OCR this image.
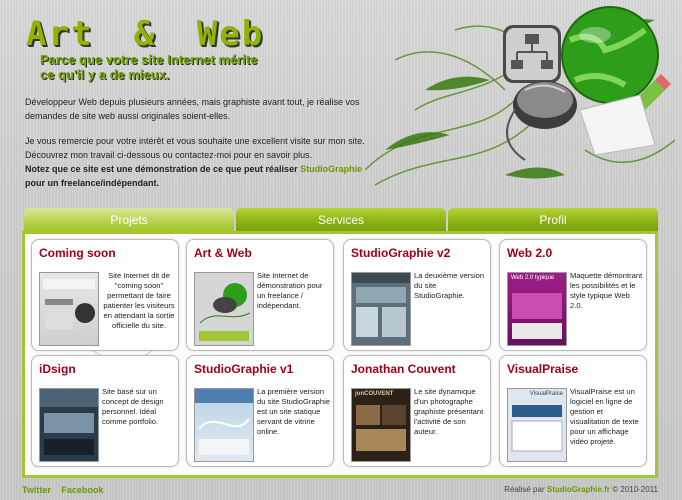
Art & Web
Parce que votre site Internet mérite ce qu'il y a de mieux.

Développeur Web depuis plusieurs années, mais graphiste avant tout, je réalise vos demandes de site web aussi originales soient-elles.

Je vous remercie pour votre intérêt et vous souhaite une excellent visite sur mon site. Découvrez mon travail ci-dessous ou contactez-moi pour en savoir plus.
Notez que ce site est une démonstration de ce que peut réaliser StudioGraphie pour un freelance/indépendant.

Projets	Services	Profil
Coming soon
Site Internet dit de "coming soon" permettant de faire patienter les visiteurs en attendant la sortie officielle du site.
Art & Web
Site Internet de démonstration pour un freelance / indépendant.
StudioGraphie v2
La deuxième version du site StudioGraphie.
Web 2.0
Web 2.0 typique	Maquette démontrant les possibilités et le style typique Web 2.0.
iDsign
Site basé sur un concept de design personnel. Idéal comme portfolio.
StudioGraphie v1
La première version du site StudioGraphie est un site statique servant de vitrine online.
Jonathan Couvent
jonCOUVENT	Le site dynamique d'un photographe graphiste présentant l'activité de son auteur.
VisualPraise
VisualPraise VisualPraise est un logiciel en ligne de gestion et visualitation de texte pour un affichage vidéo projeté.
Twitter Facebook	Réalisé par StudioGraphie.fr © 2010-2011
